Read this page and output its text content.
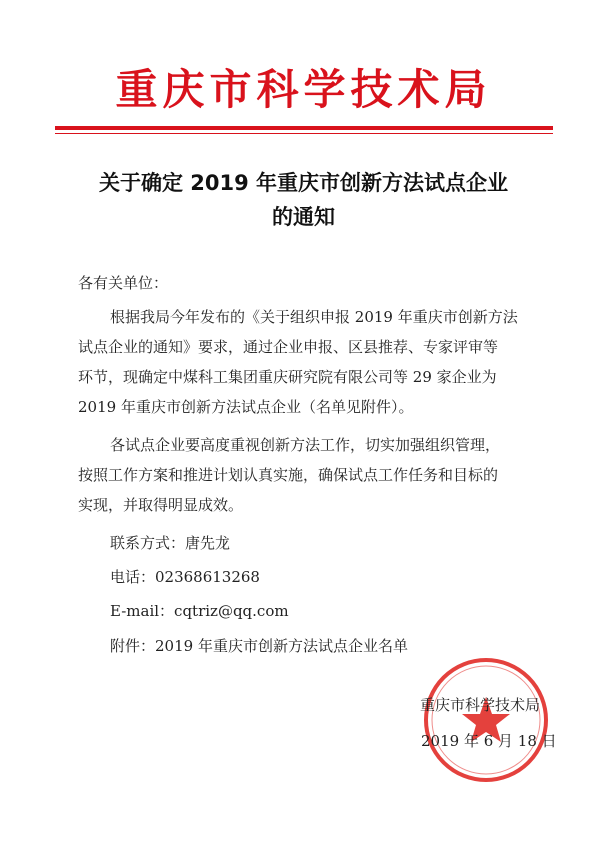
重庆市科学技术局
关于确定 2019 年重庆市创新方法试点企业
的通知
各有关单位：
根据我局今年发布的《关于组织申报 2019 年重庆市创新方法
试点企业的通知》要求，通过企业申报、区县推荐、专家评审等
环节，现确定中煤科工集团重庆研究院有限公司等 29 家企业为
2019 年重庆市创新方法试点企业（名单见附件）。
各试点企业要高度重视创新方法工作，切实加强组织管理，
按照工作方案和推进计划认真实施，确保试点工作任务和目标的
实现，并取得明显成效。
联系方式：唐先龙
电话：02368613268
E-mail：cqtriz@qq.com
附件：2019 年重庆市创新方法试点企业名单
重庆市科学技术局
2019 年 6 月 18 日
